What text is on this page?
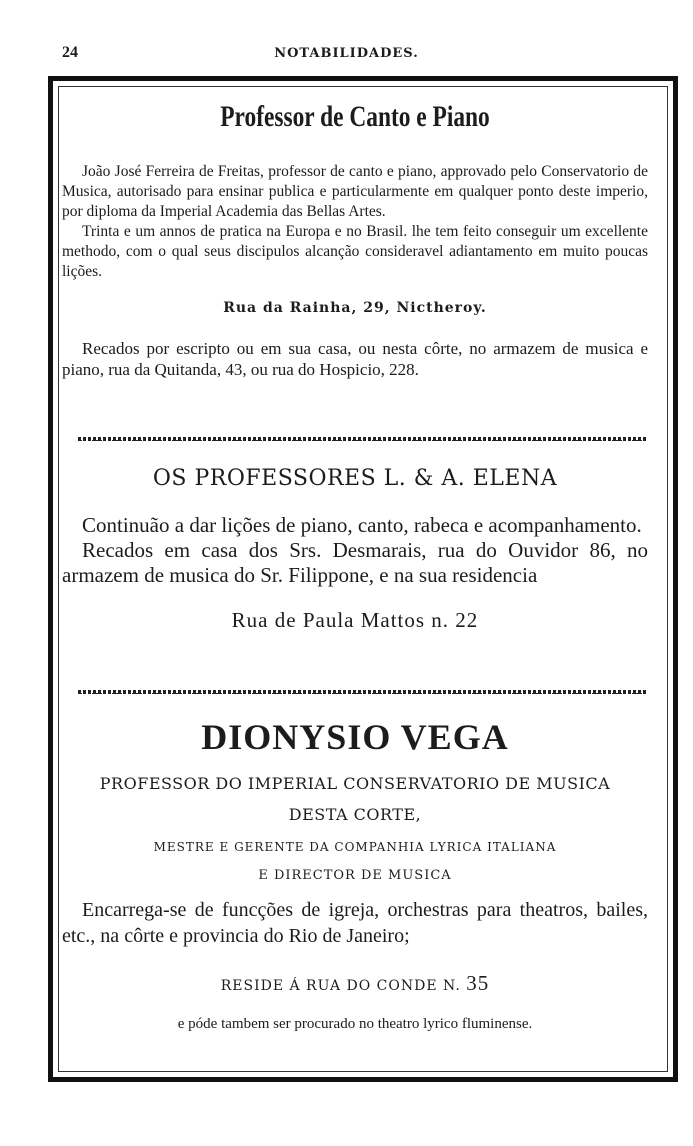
24	NOTABILIDADES.
Professor de Canto e Piano

João José Ferreira de Freitas, professor de canto e piano, approvado pelo Conservatorio de Musica, autorisado para ensinar publica e particularmente em qualquer ponto deste imperio, por diploma da Imperial Academia das Bellas Artes.

Trinta e um annos de pratica na Europa e no Brasil. lhe tem feito conseguir um excellente methodo, com o qual seus discipulos alcanção consideravel adiantamento em muito poucas lições.

Rua da Rainha, 29, Nictheroy.

Recados por escripto ou em sua casa, ou nesta côrte, no armazem de musica e piano, rua da Quitanda, 43, ou rua do Hospicio, 228.

OS PROFESSORES L. & A. ELENA

Continuão a dar lições de piano, canto, rabeca e acompanhamento.

Recados em casa dos Srs. Desmarais, rua do Ouvidor 86, no armazem de musica do Sr. Filippone, e na sua residencia

Rua de Paula Mattos n. 22

DIONYSIO VEGA

PROFESSOR DO IMPERIAL CONSERVATORIO DE MUSICA

DESTA CORTE,

MESTRE E GERENTE DA COMPANHIA LYRICA ITALIANA

E DIRECTOR DE MUSICA

Encarrega-se de funcções de igreja, orchestras para theatros, bailes, etc., na côrte e provincia do Rio de Janeiro;

RESIDE Á RUA DO CONDE N. 35

e póde tambem ser procurado no theatro lyrico fluminense.
